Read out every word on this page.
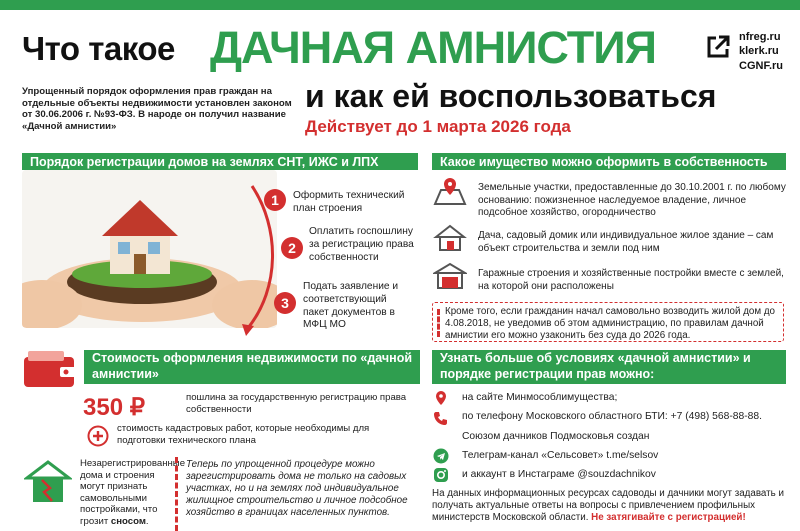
Что такое ДАЧНАЯ АМНИСТИЯ
и как ей воспользоваться
Действует до 1 марта 2026 года
Упрощенный порядок оформления прав граждан на отдельные объекты недвижимости установлен законом от 30.06.2006 г. №93-ФЗ. В народе он получил название «Дачной амнистии»
nfreg.ru
klerk.ru
CGNF.ru
Порядок регистрации домов на землях СНТ, ИЖС и ЛПХ
1	Оформить технический план строения
2
Оплатить госпошлину за регистрацию права собственности
3
Подать заявление и соответствующий пакет документов в МФЦ МО
Какое имущество можно оформить в собственность
Земельные участки, предоставленные до 30.10.2001 г. по любому основанию: пожизненное наследуемое владение, личное подсобное хозяйство, огородничество
Дача, садовый домик или индивидуальное жилое здание – сам объект строительства и земли под ним
Гаражные строения и хозяйственные постройки вместе с землей, на которой они расположены
Кроме того, если гражданин начал самовольно возводить жилой дом до 4.08.2018, не уведомив об этом администрацию, по правилам дачной амнистии его можно узаконить без суда до 2026 года.
Стоимость оформления недвижимости по «дачной амнистии»
350 ₽	пошлина за государственную регистрацию права собственности
стоимость кадастровых работ, которые необходимы для подготовки технического плана
Незарегистрированные дома и строения могут признать самовольными постройками, что грозит сносом.
Теперь по упрощенной процедуре можно зарегистрировать дома не только на садовых участках, но и на землях под индивидуальное жилищное строительство и личное подсобное хозяйство в границах населенных пунктов.
Узнать больше об условиях «дачной амнистии» и порядке регистрации прав можно:
на сайте Минмособлимущества;
по телефону Московского областного БТИ: +7 (498) 568-88-88.
Союзом дачников Подмосковья создан
Телеграм-канал «Сельсовет» t.me/selsov
и аккаунт в Инстаграме @souzdachnikov
На данных информационных ресурсах садоводы и дачники могут задавать и получать актуальные ответы на вопросы с привлечением профильных министерств Московской области. Не затягивайте с регистрацией!
